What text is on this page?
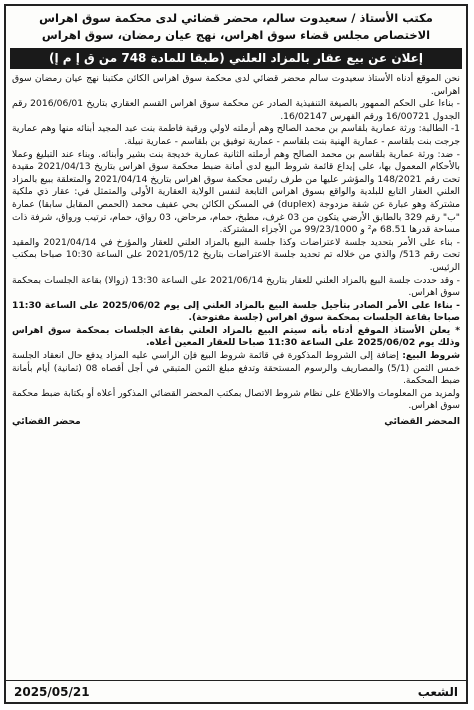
مكتب الأستاذ / سعيدوت سالم، محضر قضائي لدى محكمة سوق اهراس
الاختصاص مجلس قضاء سوق اهراس، نهج عيان رمضان، سوق اهراس
إعلان عن بيع عقار بالمزاد العلني (طبقا للمادة 748 من ق إ م إ)

نحن الموقع أدناه الأستاذ سعيدوت سالم محضر قضائي لدى محكمة سوق اهراس الكائن مكتبنا نهج عيان رمضان سوق اهراس.

- بناءا على الحكم الممهور بالصيغة التنفيذية الصادر عن محكمة سوق اهراس القسم العقاري بتاريخ 2016/06/01 رقم الجدول 16/00721 ورقم الفهرس 16/02147.

1- الطالبة: ورثة عمارية بلقاسم بن محمد الصالح وهم أرملته لاولي ورقية فاطمة بنت عبد المجيد أبنائه منها وهم عمارية جرجت بنت بلقاسم - عمارية الهنية بنت بلقاسم - عمارية توفيق بن بلقاسم - عمارية نبيلة.

- ضد: ورثة عمارية بلقاسم بن محمد الصالح وهم أرملته الثانية عمارية خديجة بنت بشير وأبنائه. وبناء عند التبليغ وعملا بالأحكام المعمول بها، على إيداع قائمة شروط البيع لدى أمانة ضبط محكمة سوق اهراس بتاريخ 2021/04/13 مقيدة تحت رقم 148/2021 والمؤشر عليها من طرف رئيس محكمة سوق اهراس بتاريخ 2021/04/14 والمتعلقة ببيع بالمزاد العلني العقار التابع للبلدية والواقع بسوق اهراس التابعة لنفس الولاية العقارية الأولى والمتمثل في: عقار ذي ملكية مشتركة وهو عبارة عن شقة مزدوجة (duplex) في المسكن الكائن بحي عفيف محمد (الحمص المقابل سابقا) عمارة "ب" رقم 329 بالطابق الأرضي يتكون من 03 غرف، مطبخ، حمام، مرحاض، 03 رواق، حمام، ترتيب ورواق، شرفة ذات مساحة قدرها 68.51 م² و 99/23/1000 من الأجزاء المشتركة.

- بناء على الأمر بتحديد جلسة لاعتراضات وكذا جلسة البيع بالمزاد العلني للعقار والمؤرخ في 2021/04/14 والمقيد تحت رقم 513/ والذي من خلاله تم تحديد جلسة الاعتراضات بتاريخ 2021/05/12 على الساعة 10:30 صباحا بمكتب الرئيس.

- وقد حددت جلسة البيع بالمزاد العلني للعقار بتاريخ 2021/06/14 على الساعة 13:30 (زوالا) بقاعة الجلسات بمحكمة سوق اهراس.

- بناءا على الأمر الصادر بتأجيل جلسة البيع بالمزاد العلني إلى يوم 2025/06/02 على الساعة 11:30 صباحا بقاعة الجلسات بمحكمة سوق اهراس (جلسة مفتوحة).

* يعلن الأستاذ الموقع أدناه بأنه سيتم البيع بالمزاد العلني بقاعة الجلسات بمحكمة سوق اهراس وذلك يوم 2025/06/02 على الساعة 11:30 صباحا للعقار المعين أعلاه.

شروط البيع: إضافة إلى الشروط المذكورة في قائمة شروط البيع فإن الراسي عليه المزاد يدفع حال انعقاد الجلسة خمس الثمن (5/1) والمصاريف والرسوم المستحقة وتدفع مبلغ الثمن المتبقي في أجل أقصاه 08 (ثمانية) أيام بأمانة ضبط المحكمة.

ولمزيد من المعلومات والاطلاع على نظام شروط الاتصال بمكتب المحضر القضائي المذكور أعلاه أو بكتابة ضبط محكمة سوق اهراس.

المحضر القضائي
محضر القضائي
الشعب
2025/05/21
